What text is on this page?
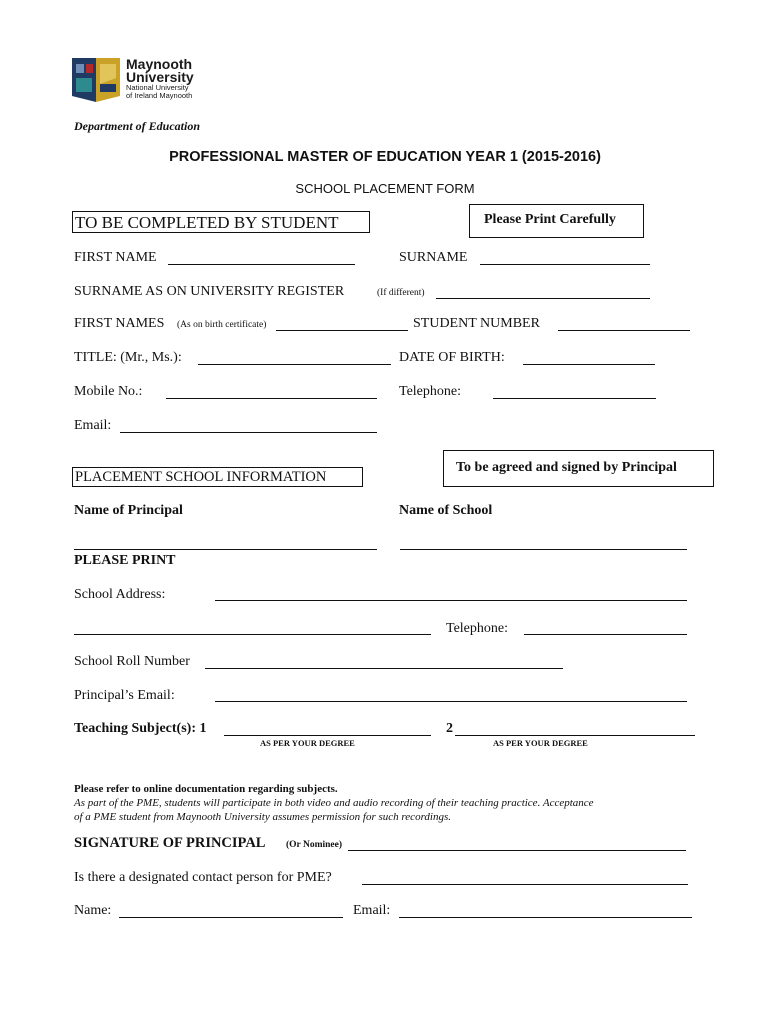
Maynooth
University
National University
of Ireland Maynooth
Department of Education
PROFESSIONAL MASTER OF EDUCATION YEAR 1 (2015-2016)
SCHOOL PLACEMENT FORM
TO BE COMPLETED BY STUDENT	Please Print Carefully
FIRST NAME	SURNAME
SURNAME AS ON UNIVERSITY REGISTER	(If different)
FIRST NAMES (As on birth certificate)	STUDENT NUMBER
TITLE: (Mr., Ms.):	DATE OF BIRTH:
Mobile No.:	Telephone:
Email:
To be agreed and signed by Principal
PLACEMENT SCHOOL INFORMATION
Name of Principal	Name of School
PLEASE PRINT
School Address:
Telephone:
School Roll Number
Principal’s Email:
Teaching Subject(s): 1	2
AS PER YOUR DEGREE	AS PER YOUR DEGREE
Please refer to online documentation regarding subjects.
As part of the PME, students will participate in both video and audio recording of their teaching practice. Acceptance
of a PME student from Maynooth University assumes permission for such recordings.
SIGNATURE OF PRINCIPAL (Or Nominee)
Is there a designated contact person for PME?
Name:	Email:
